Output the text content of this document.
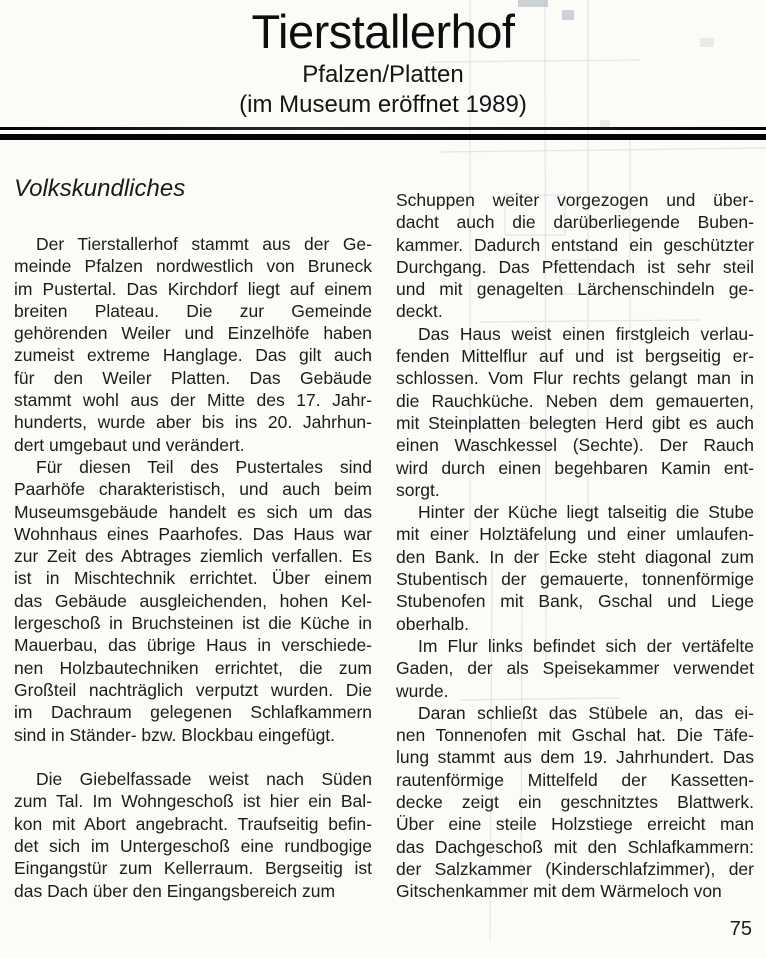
Tierstallerhof
Pfalzen/Platten
(im Museum eröffnet 1989)
Volkskundliches
Der Tierstallerhof stammt aus der Ge-
meinde Pfalzen nordwestlich von Bruneck
im Pustertal. Das Kirchdorf liegt auf einem
breiten Plateau. Die zur Gemeinde
gehörenden Weiler und Einzelhöfe haben
zumeist extreme Hanglage. Das gilt auch
für den Weiler Platten. Das Gebäude
stammt wohl aus der Mitte des 17. Jahr-
hunderts, wurde aber bis ins 20. Jahrhun-
dert umgebaut und verändert.
Für diesen Teil des Pustertales sind
Paarhöfe charakteristisch, und auch beim
Museumsgebäude handelt es sich um das
Wohnhaus eines Paarhofes. Das Haus war
zur Zeit des Abtrages ziemlich verfallen. Es
ist in Mischtechnik errichtet. Über einem
das Gebäude ausgleichenden, hohen Kel-
lergeschoß in Bruchsteinen ist die Küche in
Mauerbau, das übrige Haus in verschiede-
nen Holzbautechniken errichtet, die zum
Großteil nachträglich verputzt wurden. Die
im Dachraum gelegenen Schlafkammern
sind in Ständer- bzw. Blockbau eingefügt.
Die Giebelfassade weist nach Süden
zum Tal. Im Wohngeschoß ist hier ein Bal-
kon mit Abort angebracht. Traufseitig befin-
det sich im Untergeschoß eine rundbogige
Eingangstür zum Kellerraum. Bergseitig ist
das Dach über den Eingangsbereich zum
Schuppen weiter vorgezogen und über-
dacht auch die darüberliegende Buben-
kammer. Dadurch entstand ein geschützter
Durchgang. Das Pfettendach ist sehr steil
und mit genagelten Lärchenschindeln ge-
deckt.
Das Haus weist einen firstgleich verlau-
fenden Mittelflur auf und ist bergseitig er-
schlossen. Vom Flur rechts gelangt man in
die Rauchküche. Neben dem gemauerten,
mit Steinplatten belegten Herd gibt es auch
einen Waschkessel (Sechte). Der Rauch
wird durch einen begehbaren Kamin ent-
sorgt.
Hinter der Küche liegt talseitig die Stube
mit einer Holztäfelung und einer umlaufen-
den Bank. In der Ecke steht diagonal zum
Stubentisch der gemauerte, tonnenförmige
Stubenofen mit Bank, Gschal und Liege
oberhalb.
Im Flur links befindet sich der vertäfelte
Gaden, der als Speisekammer verwendet
wurde.
Daran schließt das Stübele an, das ei-
nen Tonnenofen mit Gschal hat. Die Täfe-
lung stammt aus dem 19. Jahrhundert. Das
rautenförmige Mittelfeld der Kassetten-
decke zeigt ein geschnitztes Blattwerk.
Über eine steile Holzstiege erreicht man
das Dachgeschoß mit den Schlafkammern:
der Salzkammer (Kinderschlafzimmer), der
Gitschenkammer mit dem Wärmeloch von
75
